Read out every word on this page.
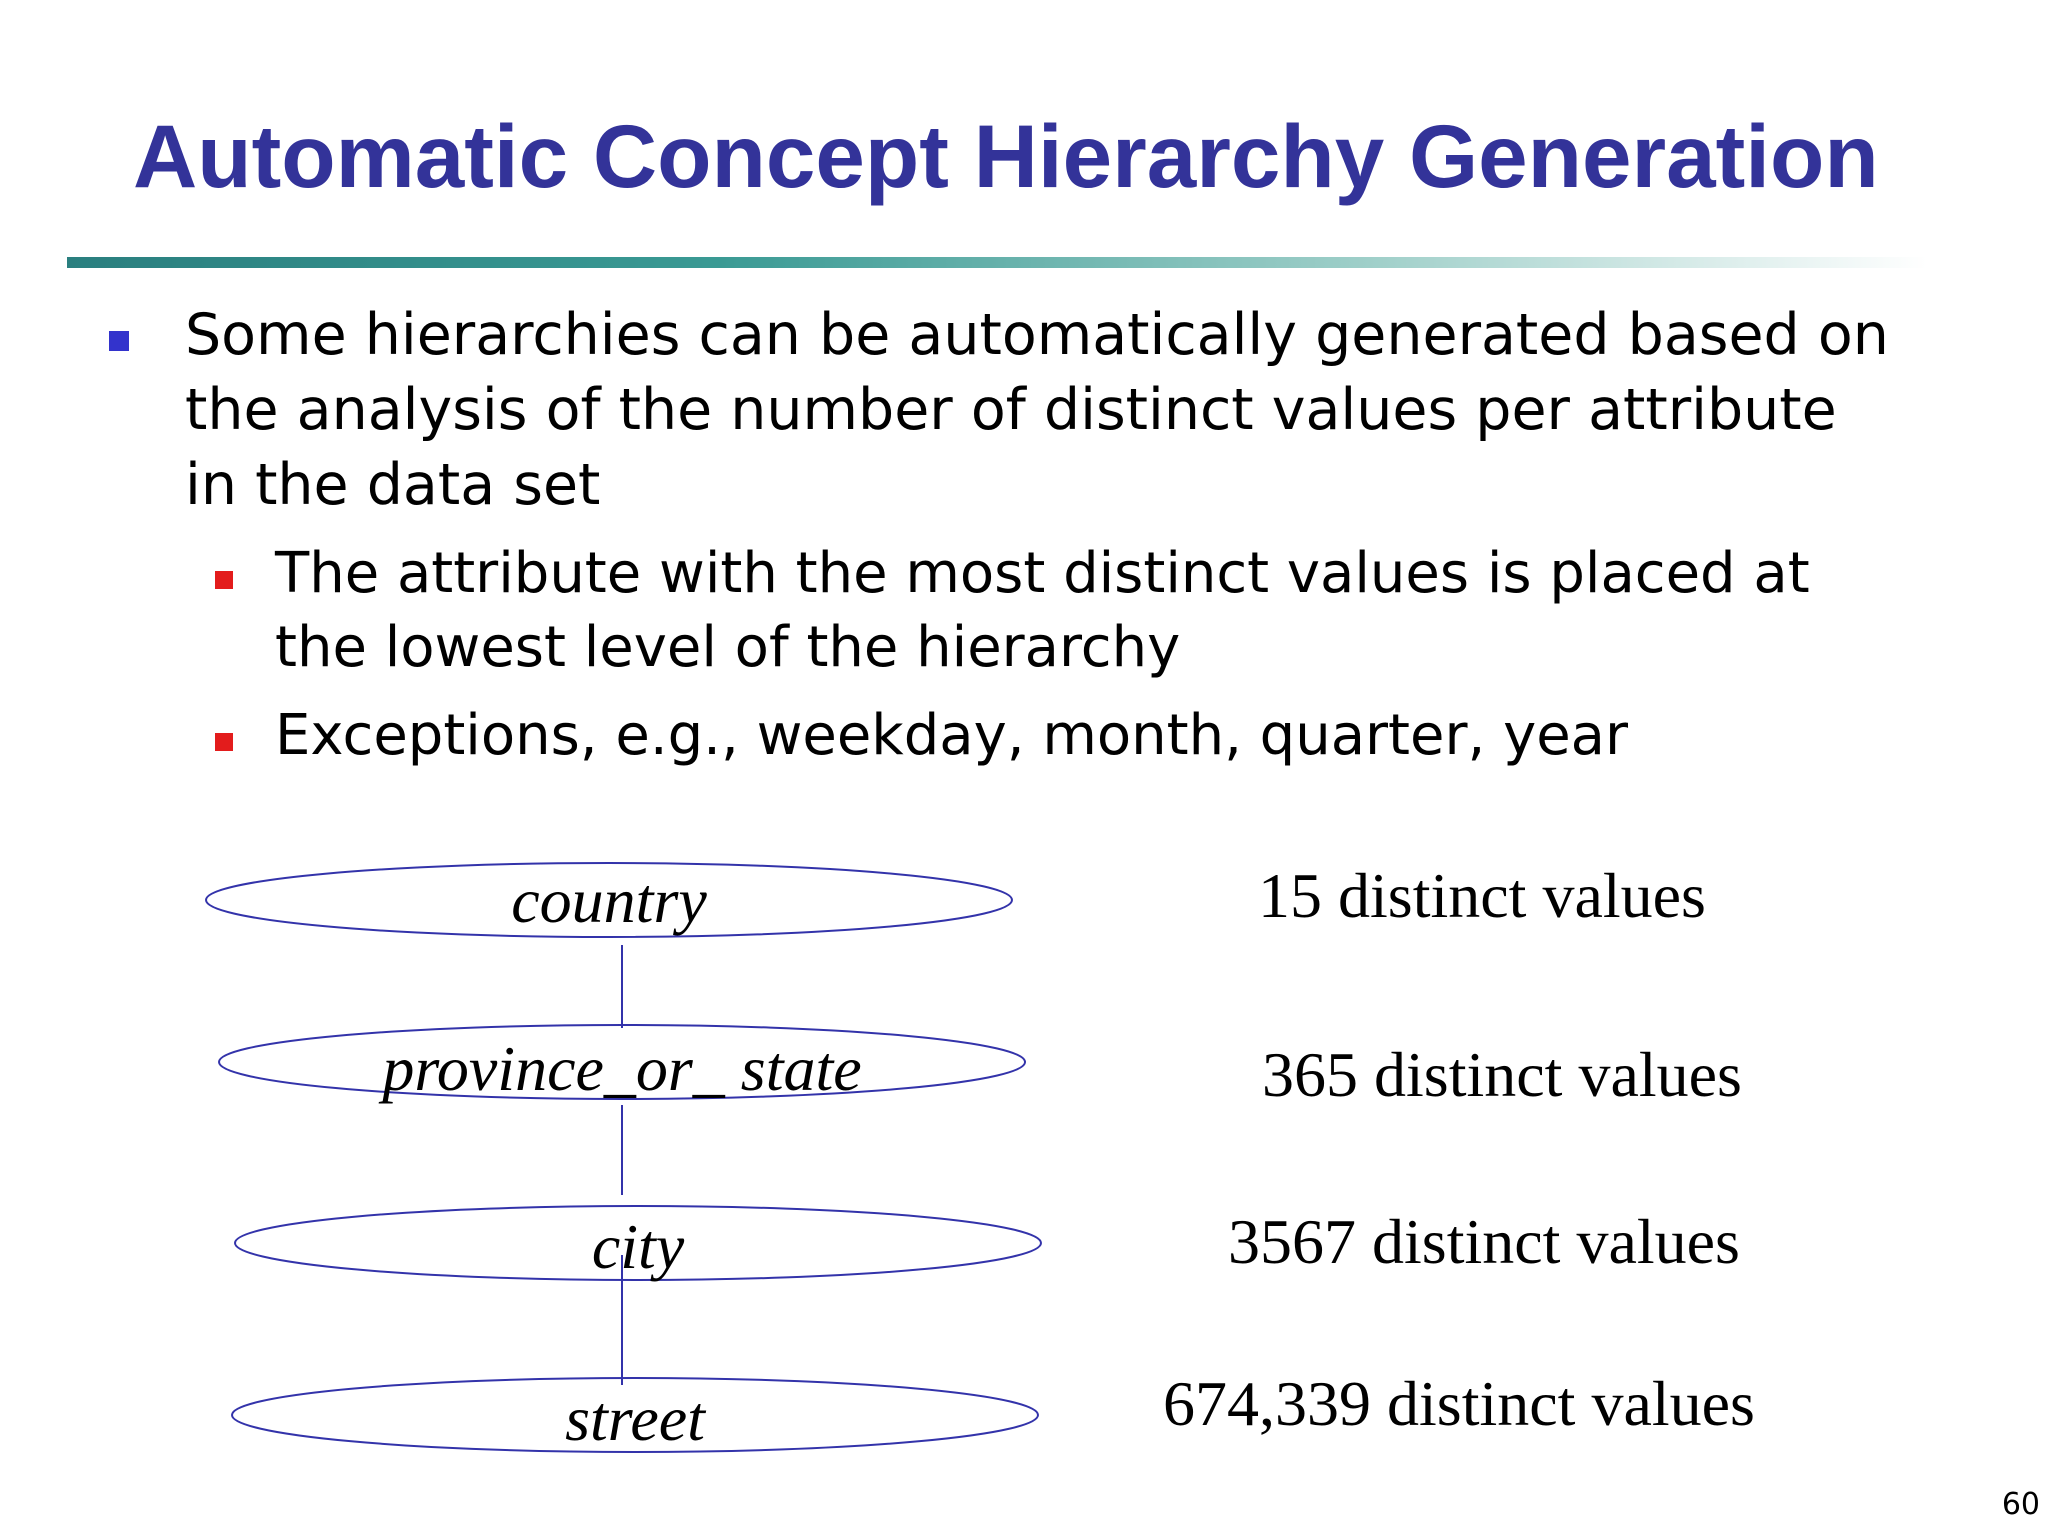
Automatic Concept Hierarchy Generation
Some hierarchies can be automatically generated based on the analysis of the number of distinct values per attribute in the data set
The attribute with the most distinct values is placed at the lowest level of the hierarchy
Exceptions, e.g., weekday, month, quarter, year
country
province_or_ state
city
street
15 distinct values
365 distinct values
3567 distinct values
674,339 distinct values
60
